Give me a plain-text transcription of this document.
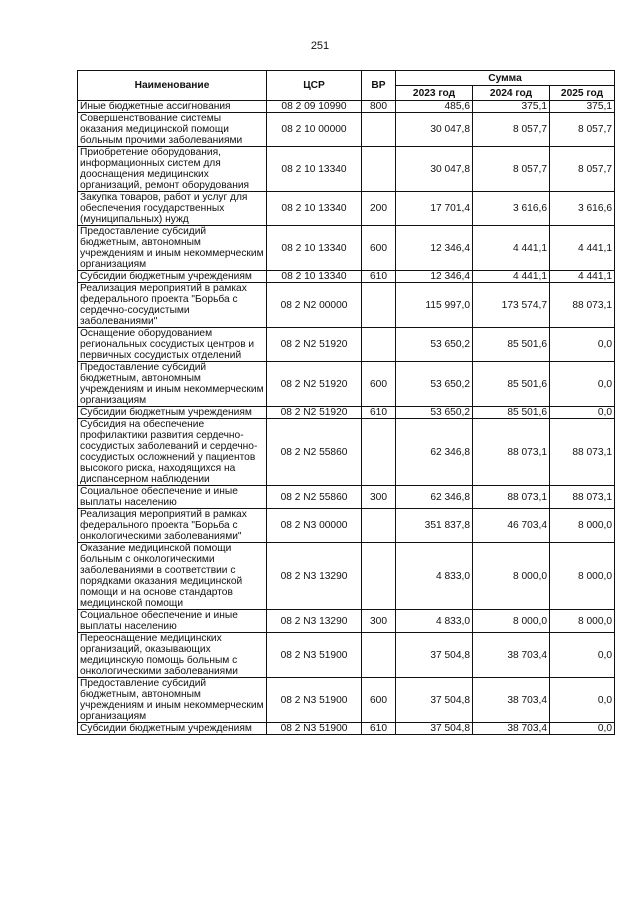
251
Наименование	ЦСР	ВР	Сумма		
			2023 год	2024 год	2025 год
Иные бюджетные ассигнования	08 2 09 10990	800	485,6	375,1	375,1
Совершенствование системы оказания медицинской помощи больным прочими заболеваниями	08 2 10 00000		30 047,8	8 057,7	8 057,7
Приобретение оборудования, информационных систем для дооснащения медицинских организаций, ремонт оборудования	08 2 10 13340		30 047,8	8 057,7	8 057,7
Закупка товаров, работ и услуг для обеспечения государственных (муниципальных) нужд	08 2 10 13340	200	17 701,4	3 616,6	3 616,6
Предоставление субсидий бюджетным, автономным учреждениям и иным некоммерческим организациям	08 2 10 13340	600	12 346,4	4 441,1	4 441,1
Субсидии бюджетным учреждениям	08 2 10 13340	610	12 346,4	4 441,1	4 441,1
Реализация мероприятий в рамках федерального проекта "Борьба с сердечно-сосудистыми заболеваниями"	08 2 N2 00000		115 997,0	173 574,7	88 073,1
Оснащение оборудованием региональных сосудистых центров и первичных сосудистых отделений	08 2 N2 51920		53 650,2	85 501,6	0,0
Предоставление субсидий бюджетным, автономным учреждениям и иным некоммерческим организациям	08 2 N2 51920	600	53 650,2	85 501,6	0,0
Субсидии бюджетным учреждениям	08 2 N2 51920	610	53 650,2	85 501,6	0,0
Субсидия на обеспечение профилактики развития сердечно-сосудистых заболеваний и сердечно-сосудистых осложнений у пациентов высокого риска, находящихся на диспансерном наблюдении	08 2 N2 55860		62 346,8	88 073,1	88 073,1
Социальное обеспечение и иные выплаты населению	08 2 N2 55860	300	62 346,8	88 073,1	88 073,1
Реализация мероприятий в рамках федерального проекта "Борьба с онкологическими заболеваниями"	08 2 N3 00000		351 837,8	46 703,4	8 000,0
Оказание медицинской помощи больным с онкологическими заболеваниями в соответствии с порядками оказания медицинской помощи и на основе стандартов медицинской помощи	08 2 N3 13290		4 833,0	8 000,0	8 000,0
Социальное обеспечение и иные выплаты населению	08 2 N3 13290	300	4 833,0	8 000,0	8 000,0
Переоснащение медицинских организаций, оказывающих медицинскую помощь больным с онкологическими заболеваниями	08 2 N3 51900		37 504,8	38 703,4	0,0
Предоставление субсидий бюджетным, автономным учреждениям и иным некоммерческим организациям	08 2 N3 51900	600	37 504,8	38 703,4	0,0
Субсидии бюджетным учреждениям	08 2 N3 51900	610	37 504,8	38 703,4	0,0
